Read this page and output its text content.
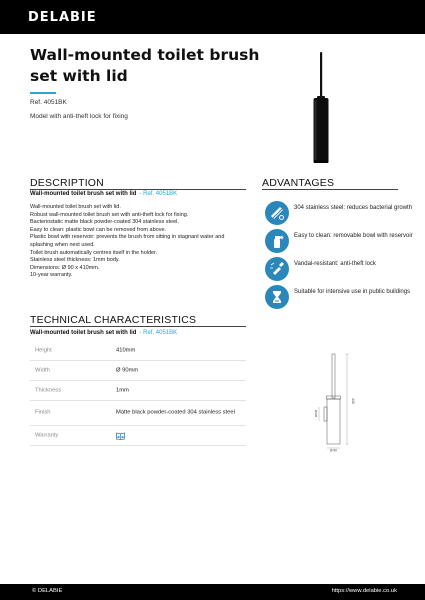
DELABIE
Wall-mounted toilet brush set with lid
Ref. 4051BK
Model with anti-theft lock for fixing
DESCRIPTION
Wall-mounted toilet brush set with lid - Ref. 4051BK
Wall-mounted toilet brush set with lid.
Robust wall-mounted toilet brush set with anti-theft lock for fixing.
Bacteriostatic matte black powder-coated 304 stainless steel.
Easy to clean: plastic bowl can be removed from above.
Plastic bowl with reservoir: prevents the brush from sitting in stagnant water and splashing when next used.
Toilet brush automatically centres itself in the holder.
Stainless steel thickness: 1mm body.
Dimensions: Ø 90 x 410mm.
10-year warranty.
ADVANTAGES
304 stainless steel: reduces bacterial growth
Easy to clean: removable bowl with reservoir
Vandal-resistant: anti-theft lock
Suitable for intensive use in public buildings
TECHNICAL CHARACTERISTICS
Wall-mounted toilet brush set with lid - Ref. 4051BK
Height	410mm
Width	Ø 90mm
Thickness	1mm
Finish	Matte black powder-coated 304 stainless steel
Warranty
410
Ø 90
Ø105
© DELABIE	https://www.delabie.co.uk
